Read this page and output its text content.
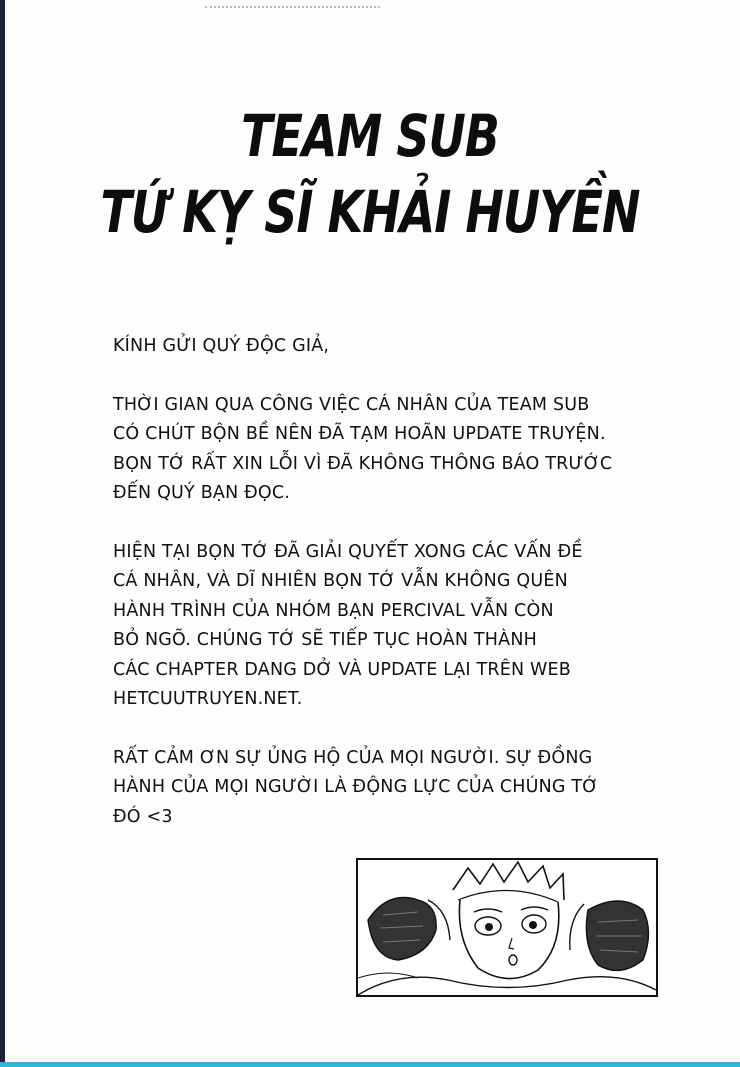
TEAM SUB
TỨ KỴ SĨ KHẢI HUYỀN

KÍNH GỬI QUÝ ĐỘC GIẢ,

THỜI GIAN QUA CÔNG VIỆC CÁ NHÂN CỦA TEAM SUB
CÓ CHÚT BỘN BỀ NÊN ĐÃ TẠM HOÃN UPDATE TRUYỆN.
BỌN TỚ RẤT XIN LỖI VÌ ĐÃ KHÔNG THÔNG BÁO TRƯỚC
ĐẾN QUÝ BẠN ĐỌC.

HIỆN TẠI BỌN TỚ ĐÃ GIẢI QUYẾT XONG CÁC VẤN ĐỀ
CÁ NHÂN, VÀ DĨ NHIÊN BỌN TỚ VẪN KHÔNG QUÊN
HÀNH TRÌNH CỦA NHÓM BẠN PERCIVAL VẪN CÒN
BỎ NGÕ. CHÚNG TỚ SẼ TIẾP TỤC HOÀN THÀNH
CÁC CHAPTER DANG DỞ VÀ UPDATE LẠI TRÊN WEB
HETCUUTRUYEN.NET.

RẤT CẢM ƠN SỰ ỦNG HỘ CỦA MỌI NGƯỜI. SỰ ĐỒNG
HÀNH CỦA MỌI NGƯỜI LÀ ĐỘNG LỰC CỦA CHÚNG TỚ
ĐÓ <3
